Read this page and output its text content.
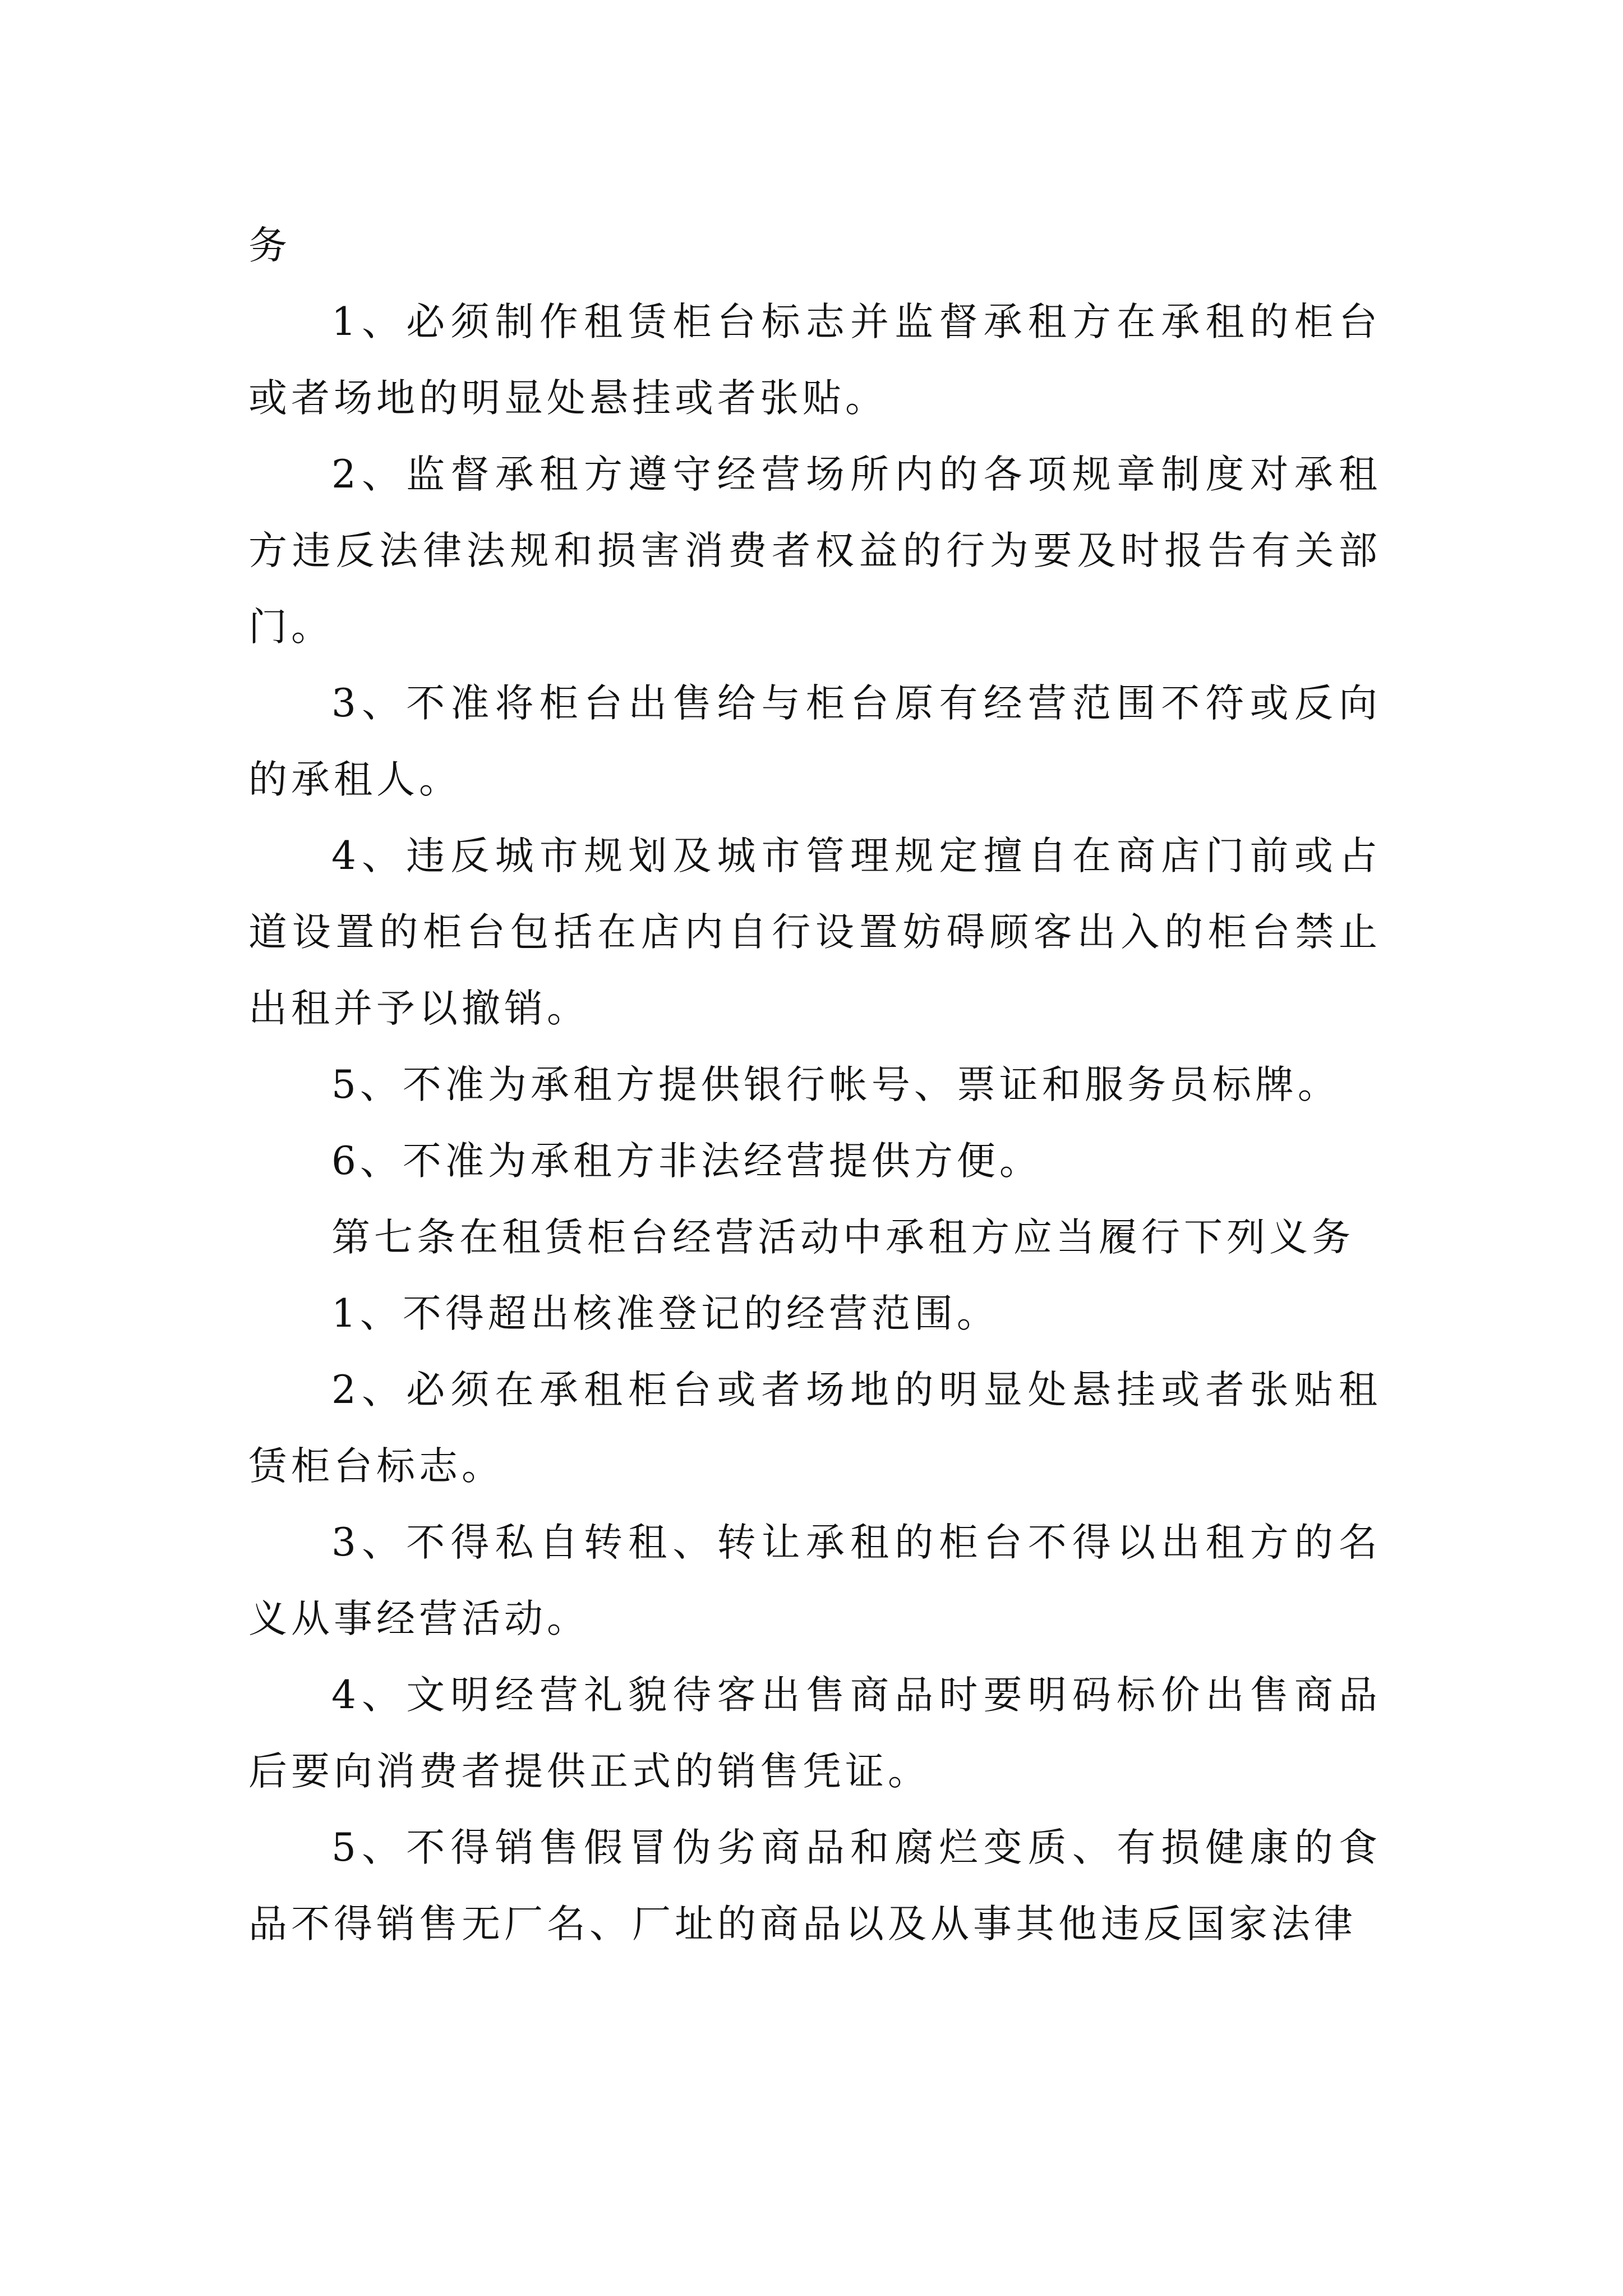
务

1、必须制作租赁柜台标志并监督承租方在承租的柜台或者场地的明显处悬挂或者张贴。

2、监督承租方遵守经营场所内的各项规章制度对承租方违反法律法规和损害消费者权益的行为要及时报告有关部门。

3、不准将柜台出售给与柜台原有经营范围不符或反向的承租人。

4、违反城市规划及城市管理规定擅自在商店门前或占道设置的柜台包括在店内自行设置妨碍顾客出入的柜台禁止出租并予以撤销。

5、不准为承租方提供银行帐号、票证和服务员标牌。

6、不准为承租方非法经营提供方便。

第七条在租赁柜台经营活动中承租方应当履行下列义务

1、不得超出核准登记的经营范围。

2、必须在承租柜台或者场地的明显处悬挂或者张贴租赁柜台标志。

3、不得私自转租、转让承租的柜台不得以出租方的名义从事经营活动。

4、文明经营礼貌待客出售商品时要明码标价出售商品后要向消费者提供正式的销售凭证。

5、不得销售假冒伪劣商品和腐烂变质、有损健康的食品不得销售无厂名、厂址的商品以及从事其他违反国家法律
